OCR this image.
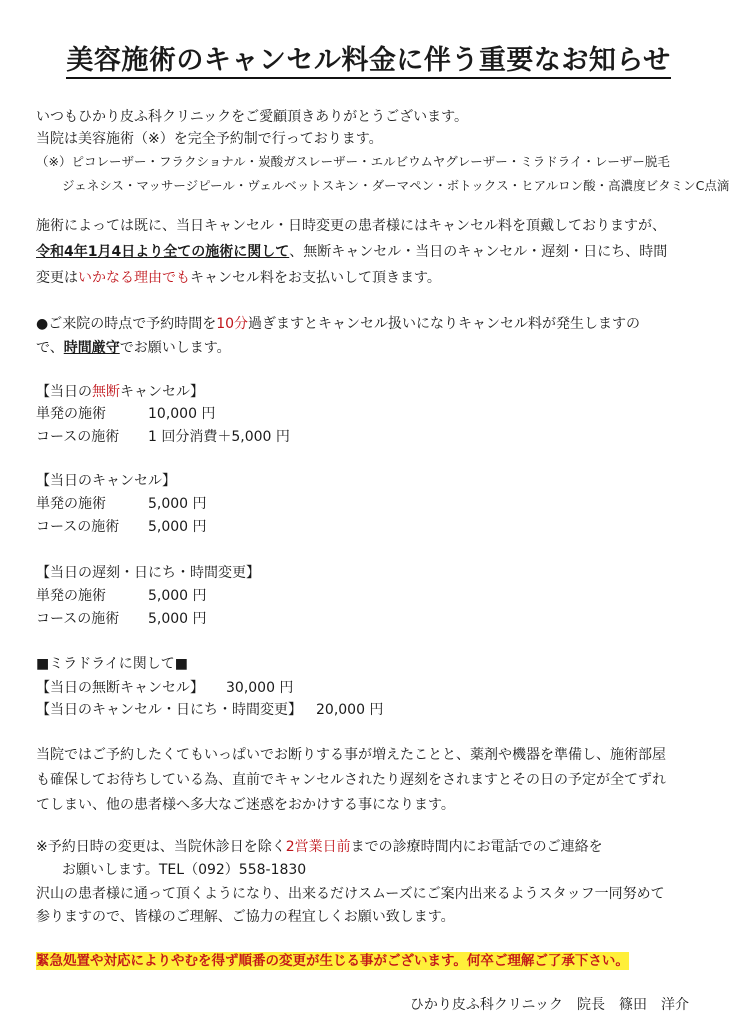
美容施術のキャンセル料金に伴う重要なお知らせ
いつもひかり皮ふ科クリニックをご愛顧頂きありがとうございます。
当院は美容施術（※）を完全予約制で行っております。
（※）ピコレーザー・フラクショナル・炭酸ガスレーザー・エルビウムヤグレーザー・ミラドライ・レーザー脱毛
ジェネシス・マッサージピール・ヴェルベットスキン・ダーマペン・ボトックス・ヒアルロン酸・高濃度ビタミンC点滴
施術によっては既に、当日キャンセル・日時変更の患者様にはキャンセル料を頂戴しておりますが、
令和4年1月4日より全ての施術に関して、無断キャンセル・当日のキャンセル・遅刻・日にち、時間
変更はいかなる理由でもキャンセル料をお支払いして頂きます。
●ご来院の時点で予約時間を10分過ぎますとキャンセル扱いになりキャンセル料が発生しますの
で、時間厳守でお願いします。
【当日の無断キャンセル】
単発の施術	10,000 円
コースの施術 1 回分消費＋5,000 円
【当日のキャンセル】
単発の施術	5,000 円
コースの施術 5,000 円
【当日の遅刻・日にち・時間変更】
単発の施術	5,000 円
コースの施術 5,000 円
■ミラドライに関して■
【当日の無断キャンセル】 30,000 円
【当日のキャンセル・日にち・時間変更】 20,000 円
当院ではご予約したくてもいっぱいでお断りする事が増えたことと、薬剤や機器を準備し、施術部屋
も確保してお待ちしている為、直前でキャンセルされたり遅刻をされますとその日の予定が全てずれ
てしまい、他の患者様へ多大なご迷惑をおかけする事になります。
※予約日時の変更は、当院休診日を除く2営業日前までの診療時間内にお電話でのご連絡を
お願いします。TEL（092）558-1830
沢山の患者様に通って頂くようになり、出来るだけスムーズにご案内出来るようスタッフ一同努めて
参りますので、皆様のご理解、ご協力の程宜しくお願い致します。
緊急処置や対応によりやむを得ず順番の変更が生じる事がございます。何卒ご理解ご了承下さい。
ひかり皮ふ科クリニック　院長　篠田　洋介
